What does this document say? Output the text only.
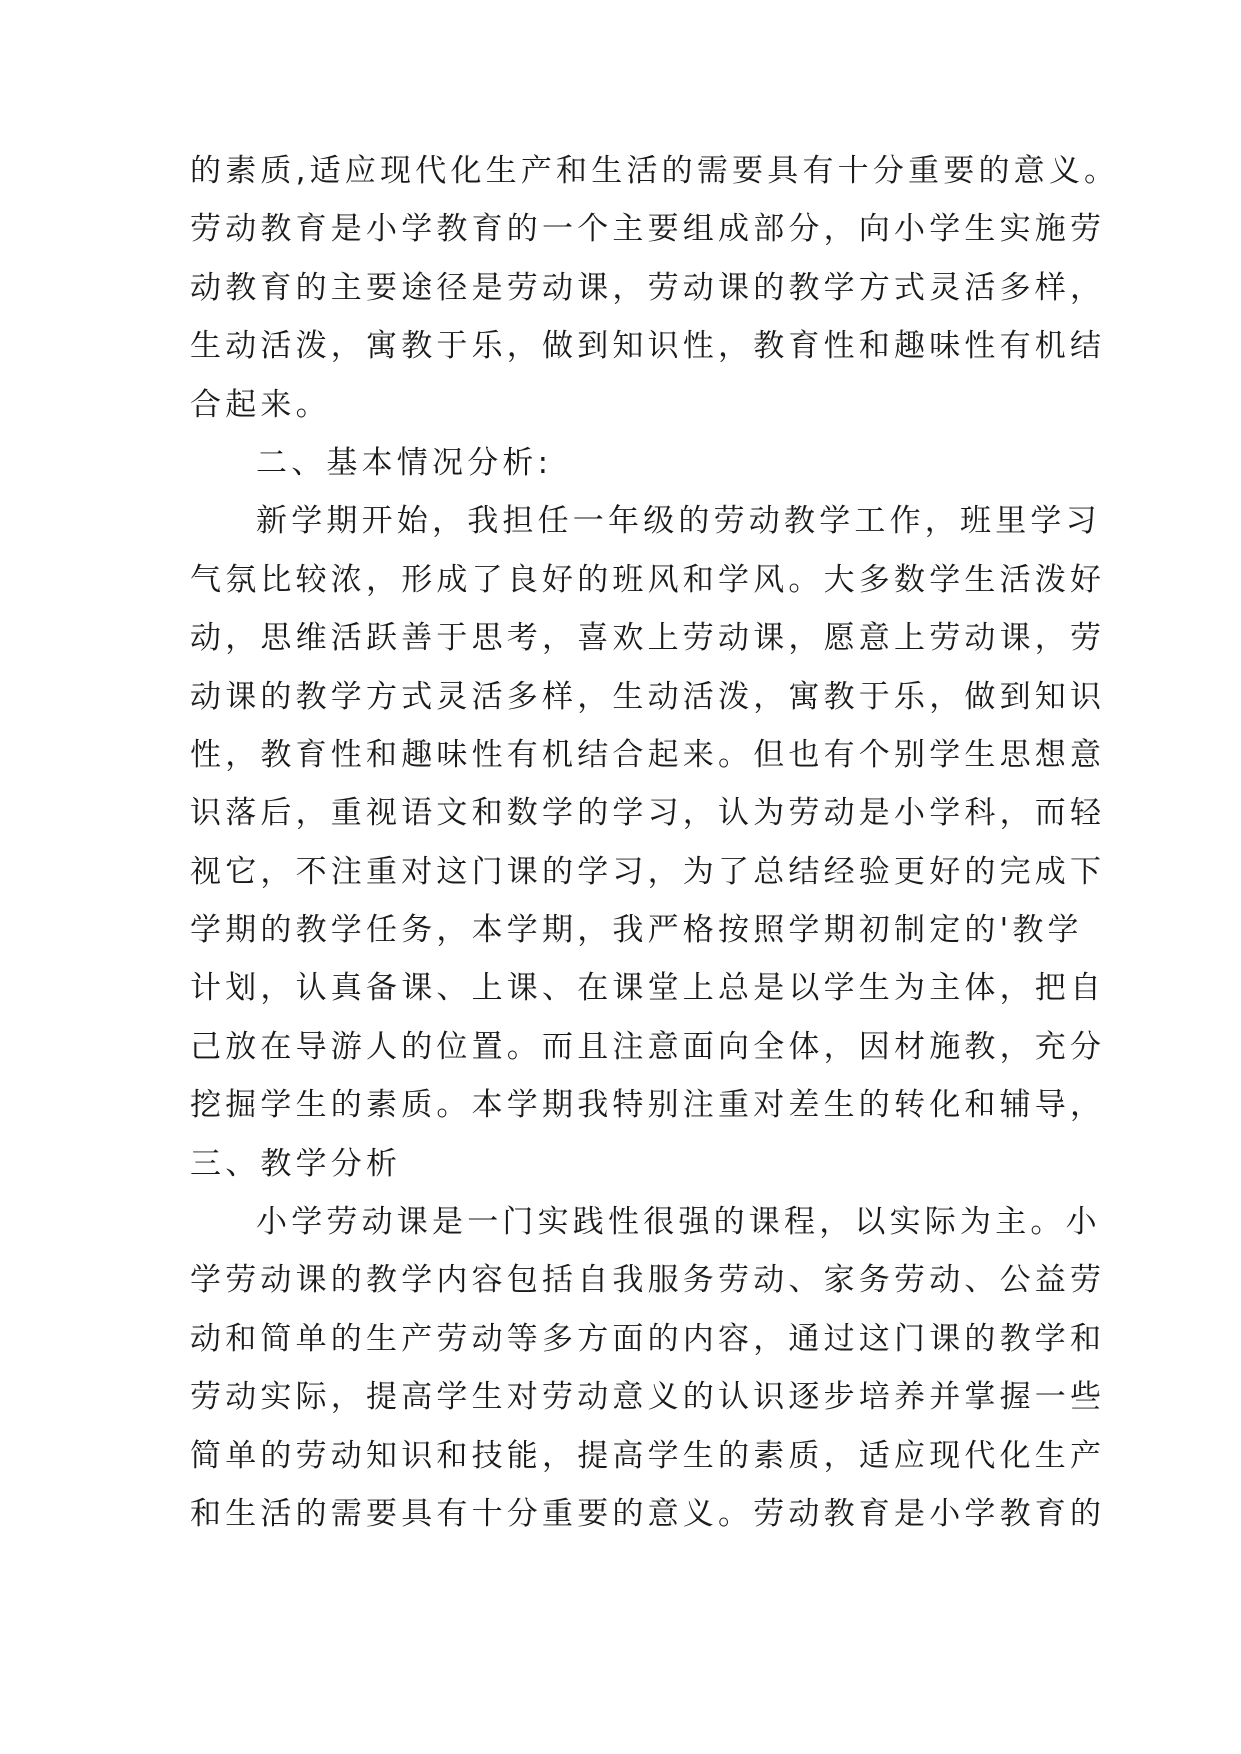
的素质,适应现代化生产和生活的需要具有十分重要的意义。
劳动教育是小学教育的一个主要组成部分，向小学生实施劳
动教育的主要途径是劳动课，劳动课的教学方式灵活多样，
生动活泼，寓教于乐，做到知识性，教育性和趣味性有机结
合起来。
二、基本情况分析:
新学期开始，我担任一年级的劳动教学工作，班里学习
气氛比较浓，形成了良好的班风和学风。大多数学生活泼好
动，思维活跃善于思考，喜欢上劳动课，愿意上劳动课，劳
动课的教学方式灵活多样，生动活泼，寓教于乐，做到知识
性，教育性和趣味性有机结合起来。但也有个别学生思想意
识落后，重视语文和数学的学习，认为劳动是小学科，而轻
视它，不注重对这门课的学习，为了总结经验更好的完成下
学期的教学任务，本学期，我严格按照学期初制定的'教学
计划，认真备课、上课、在课堂上总是以学生为主体，把自
己放在导游人的位置。而且注意面向全体，因材施教，充分
挖掘学生的素质。本学期我特别注重对差生的转化和辅导，
三、教学分析
小学劳动课是一门实践性很强的课程，以实际为主。小
学劳动课的教学内容包括自我服务劳动、家务劳动、公益劳
动和简单的生产劳动等多方面的内容，通过这门课的教学和
劳动实际，提高学生对劳动意义的认识逐步培养并掌握一些
简单的劳动知识和技能，提高学生的素质，适应现代化生产
和生活的需要具有十分重要的意义。劳动教育是小学教育的
